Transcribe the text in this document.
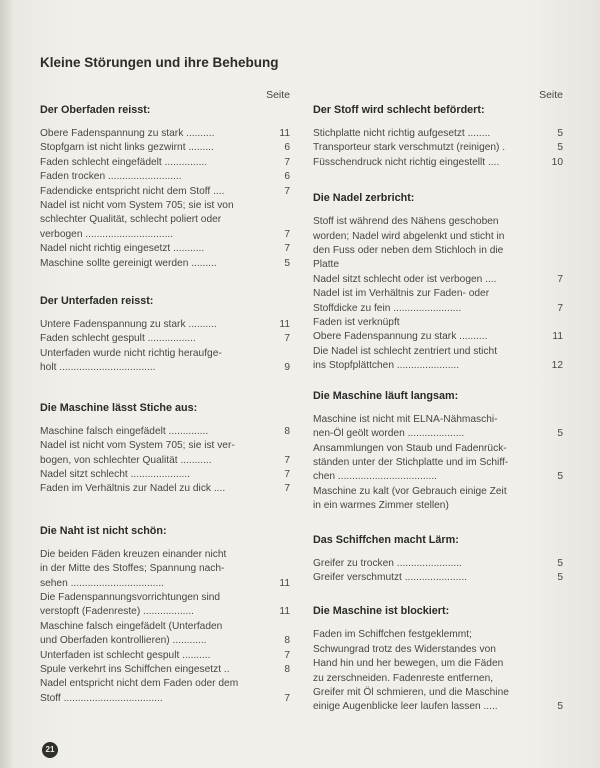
Kleine Störungen und ihre Behebung
Seite
Der Oberfaden reisst:
Obere Fadenspannung zu stark ..........	11
Stopfgarn ist nicht links gezwirnt .........	6
Faden schlecht eingefädelt ...............	7
Faden trocken ..........................	6
Fadendicke entspricht nicht dem Stoff ....	7
Nadel ist nicht vom System 705; sie ist von
schlechter Qualität, schlecht poliert oder
verbogen ...............................	7
Nadel nicht richtig eingesetzt ...........	7
Maschine sollte gereinigt werden .........	5
Der Unterfaden reisst:
Untere Fadenspannung zu stark ..........	11
Faden schlecht gespult .................	7
Unterfaden wurde nicht richtig heraufge-
holt ..................................	9
Die Maschine lässt Stiche aus:
Maschine falsch eingefädelt ..............	8
Nadel ist nicht vom System 705; sie ist ver-
bogen, von schlechter Qualität ...........	7
Nadel sitzt schlecht .....................	7
Faden im Verhältnis zur Nadel zu dick ....	7
Die Naht ist nicht schön:
Die beiden Fäden kreuzen einander nicht
in der Mitte des Stoffes; Spannung nach-
sehen .................................	11
Die Fadenspannungsvorrichtungen sind
verstopft (Fadenreste) ..................	11
Maschine falsch eingefädelt (Unterfaden
und Oberfaden kontrollieren) ............	8
Unterfaden ist schlecht gespult ..........	7
Spule verkehrt ins Schiffchen eingesetzt ..	8
Nadel entspricht nicht dem Faden oder dem
Stoff ...................................	7
Seite
Der Stoff wird schlecht befördert:
Stichplatte nicht richtig aufgesetzt ........	5
Transporteur stark verschmutzt (reinigen) .	5
Füsschendruck nicht richtig eingestellt ....	10
Die Nadel zerbricht:
Stoff ist während des Nähens geschoben
worden; Nadel wird abgelenkt und sticht in
den Fuss oder neben dem Stichloch in die
Platte
Nadel sitzt schlecht oder ist verbogen ....	7
Nadel ist im Verhältnis zur Faden- oder
Stoffdicke zu fein ........................	7
Faden ist verknüpft
Obere Fadenspannung zu stark ..........	11
Die Nadel ist schlecht zentriert und sticht
ins Stopfplättchen ......................	12
Die Maschine läuft langsam:
Maschine ist nicht mit ELNA-Nähmaschi-
nen-Öl geölt worden ....................	5
Ansammlungen von Staub und Fadenrück-
ständen unter der Stichplatte und im Schiff-
chen ...................................	5
Maschine zu kalt (vor Gebrauch einige Zeit
in ein warmes Zimmer stellen)
Das Schiffchen macht Lärm:
Greifer zu trocken .......................	5
Greifer verschmutzt ......................	5
Die Maschine ist blockiert:
Faden im Schiffchen festgeklemmt;
Schwungrad trotz des Widerstandes von
Hand hin und her bewegen, um die Fäden
zu zerschneiden. Fadenreste entfernen,
Greifer mit Öl schmieren, und die Maschine
einige Augenblicke leer laufen lassen .....	5
21
